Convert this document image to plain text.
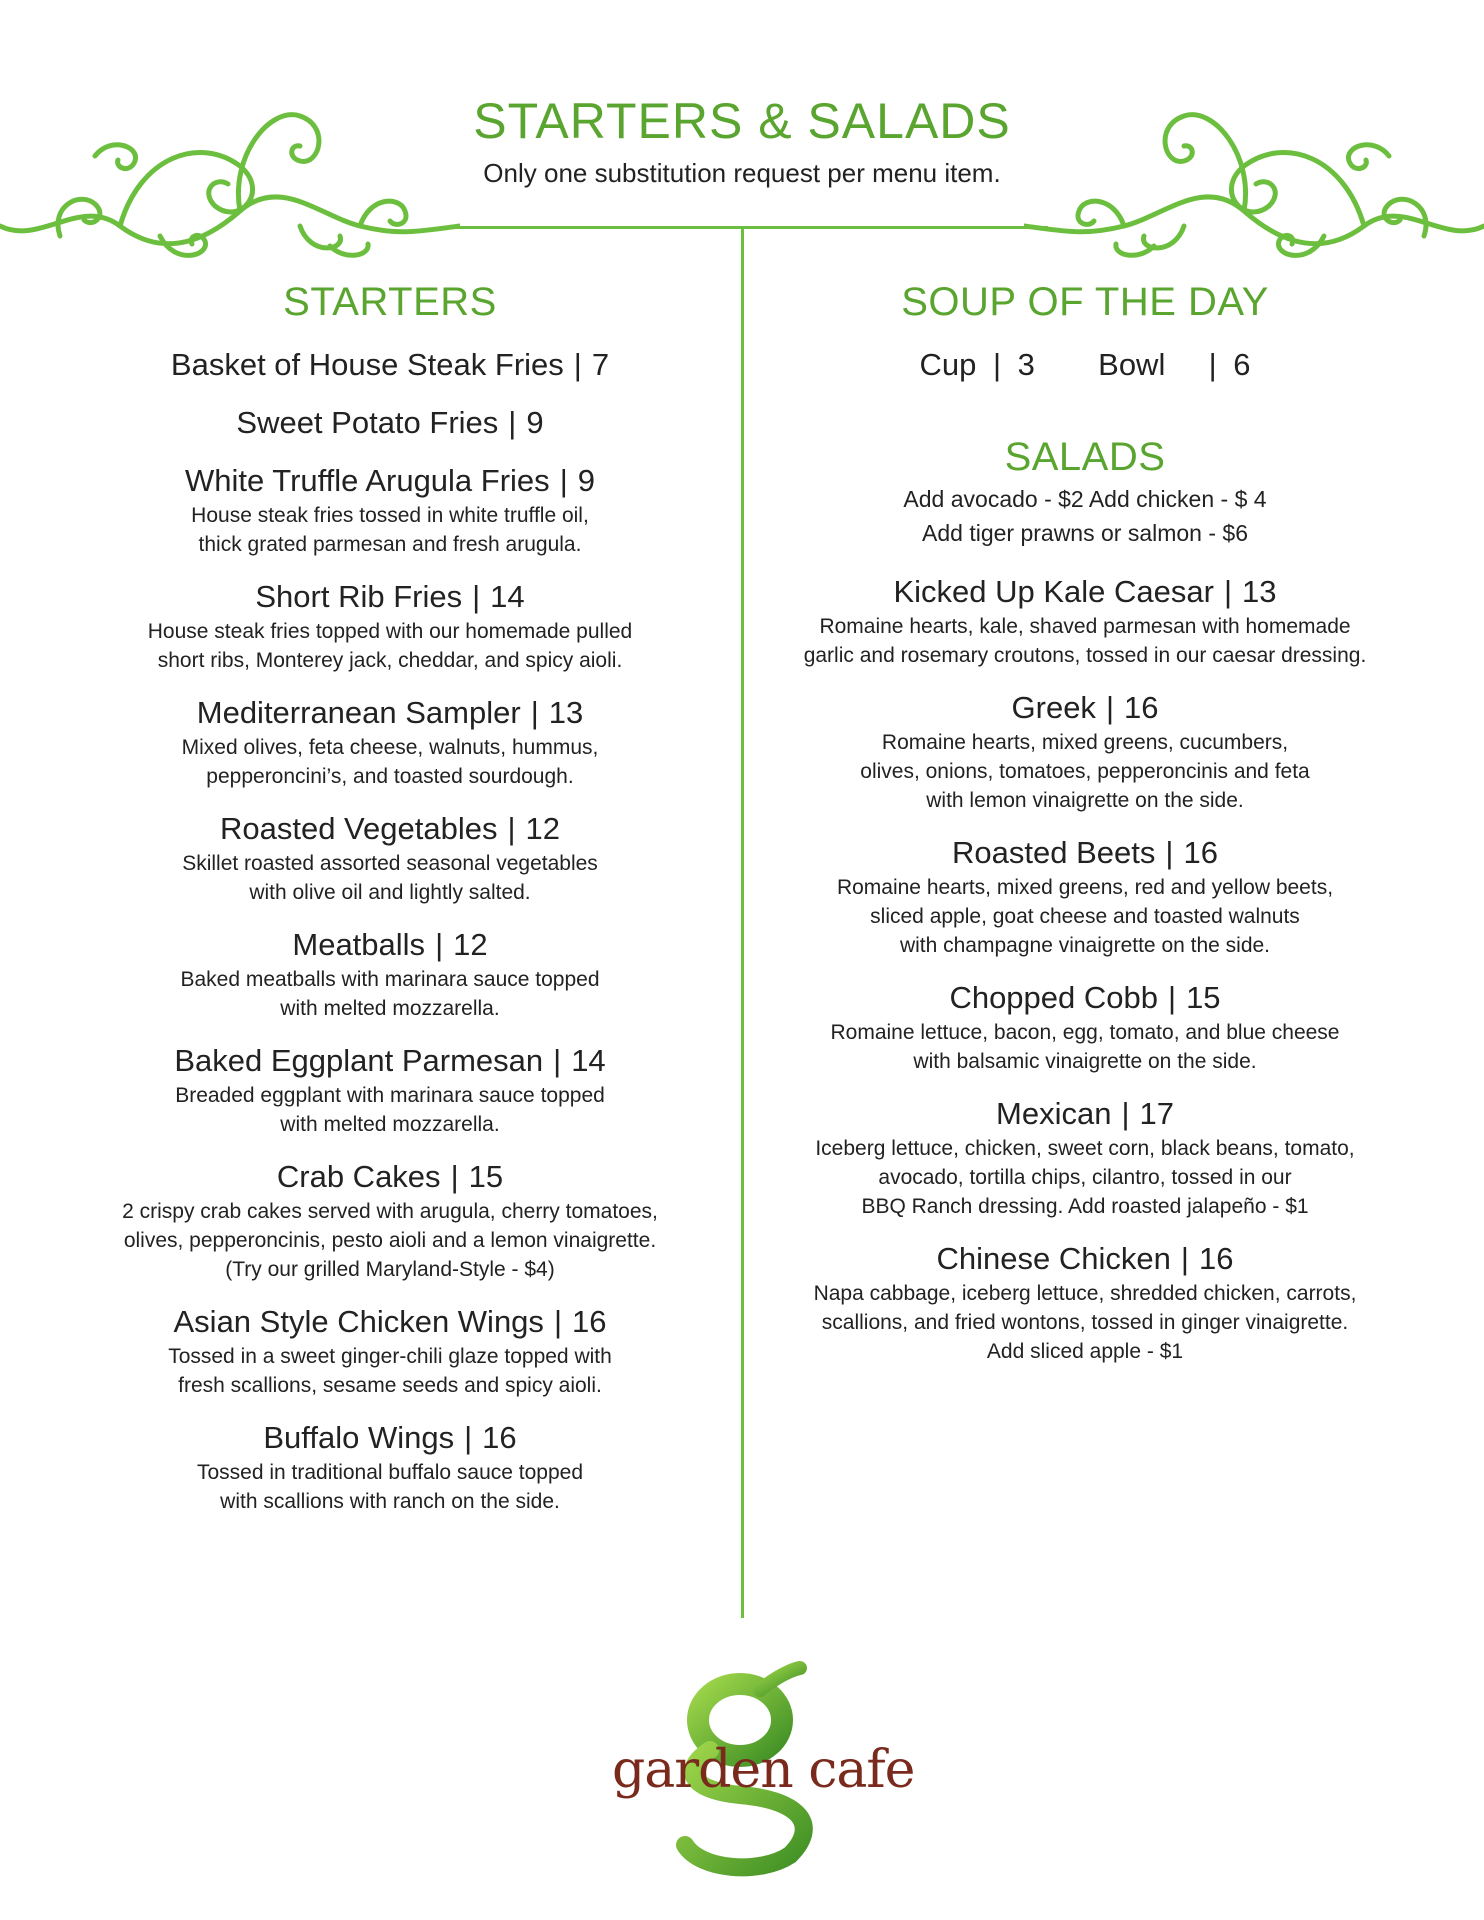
STARTERS & SALADS
Only one substitution request per menu item.
STARTERS
Basket of House Steak Fries | 7
Sweet Potato Fries | 9
White Truffle Arugula Fries | 9
House steak fries tossed in white truffle oil,
thick grated parmesan and fresh arugula.
Short Rib Fries | 14
House steak fries topped with our homemade pulled
short ribs, Monterey jack, cheddar, and spicy aioli.
Mediterranean Sampler | 13
Mixed olives, feta cheese, walnuts, hummus,
pepperoncini’s, and toasted sourdough.
Roasted Vegetables | 12
Skillet roasted assorted seasonal vegetables
with olive oil and lightly salted.
Meatballs | 12
Baked meatballs with marinara sauce topped
with melted mozzarella.
Baked Eggplant Parmesan | 14
Breaded eggplant with marinara sauce topped
with melted mozzarella.
Crab Cakes | 15
2 crispy crab cakes served with arugula, cherry tomatoes,
olives, pepperoncinis, pesto aioli and a lemon vinaigrette.
(Try our grilled Maryland-Style - $4)
Asian Style Chicken Wings | 16
Tossed in a sweet ginger-chili glaze topped with
fresh scallions, sesame seeds and spicy aioli.
Buffalo Wings | 16
Tossed in traditional buffalo sauce topped
with scallions with ranch on the side.
SOUP OF THE DAY
Cup | 3 Bowl | 6
SALADS
Add avocado - $2 Add chicken - $ 4
Add tiger prawns or salmon - $6
Kicked Up Kale Caesar | 13
Romaine hearts, kale, shaved parmesan with homemade
garlic and rosemary croutons, tossed in our caesar dressing.
Greek | 16
Romaine hearts, mixed greens, cucumbers,
olives, onions, tomatoes, pepperoncinis and feta
with lemon vinaigrette on the side.
Roasted Beets | 16
Romaine hearts, mixed greens, red and yellow beets,
sliced apple, goat cheese and toasted walnuts
with champagne vinaigrette on the side.
Chopped Cobb | 15
Romaine lettuce, bacon, egg, tomato, and blue cheese
with balsamic vinaigrette on the side.
Mexican | 17
Iceberg lettuce, chicken, sweet corn, black beans, tomato,
avocado, tortilla chips, cilantro, tossed in our
BBQ Ranch dressing. Add roasted jalapeño - $1
Chinese Chicken | 16
Napa cabbage, iceberg lettuce, shredded chicken, carrots,
scallions, and fried wontons, tossed in ginger vinaigrette.
Add sliced apple - $1
garden cafe
